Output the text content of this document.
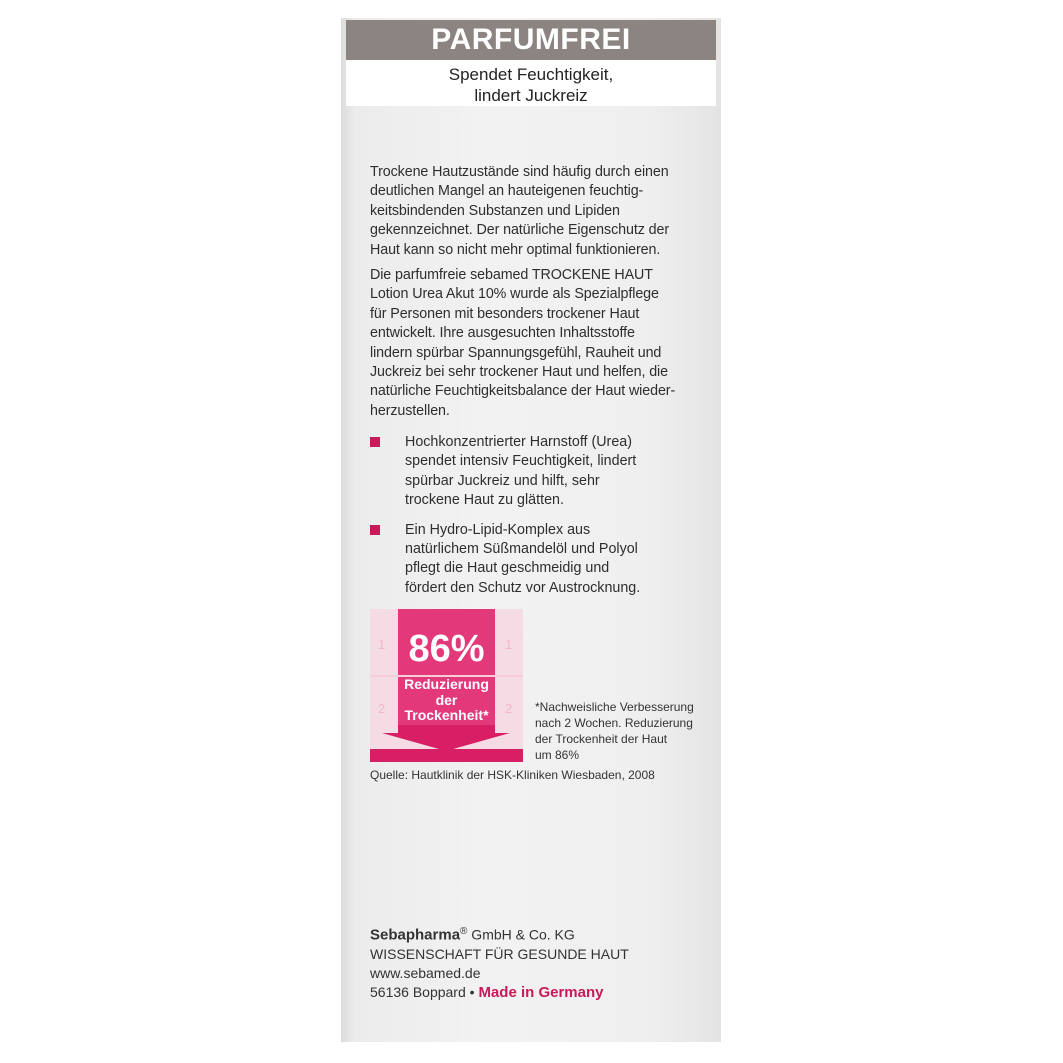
PARFUMFREI
Spendet Feuchtigkeit,
lindert Juckreiz

Trockene Hautzustände sind häufig durch einen
deutlichen Mangel an hauteigenen feuchtig-
keitsbindenden Substanzen und Lipiden
gekennzeichnet. Der natürliche Eigenschutz der
Haut kann so nicht mehr optimal funktionieren.

Die parfumfreie sebamed TROCKENE HAUT
Lotion Urea Akut 10% wurde als Spezialpflege
für Personen mit besonders trockener Haut
entwickelt. Ihre ausgesuchten Inhaltsstoffe
lindern spürbar Spannungsgefühl, Rauheit und
Juckreiz bei sehr trockener Haut und helfen, die
natürliche Feuchtigkeitsbalance der Haut wieder-
herzustellen.

Hochkonzentrierter Harnstoff (Urea)
spendet intensiv Feuchtigkeit, lindert
spürbar Juckreiz und hilft, sehr
trockene Haut zu glätten.
Ein Hydro-Lipid-Komplex aus
natürlichem Süßmandelöl und Polyol
pflegt die Haut geschmeidig und
fördert den Schutz vor Austrocknung.
86%
Reduzierung
der
Trockenheit*
1	1
2	2 *Nachweisliche Verbesserung
nach 2 Wochen. Reduzierung
der Trockenheit der Haut
um 86%
Quelle: Hautklinik der HSK-Kliniken Wiesbaden, 2008
Sebapharma® GmbH & Co. KG
WISSENSCHAFT FÜR GESUNDE HAUT
www.sebamed.de
56136 Boppard • Made in Germany
